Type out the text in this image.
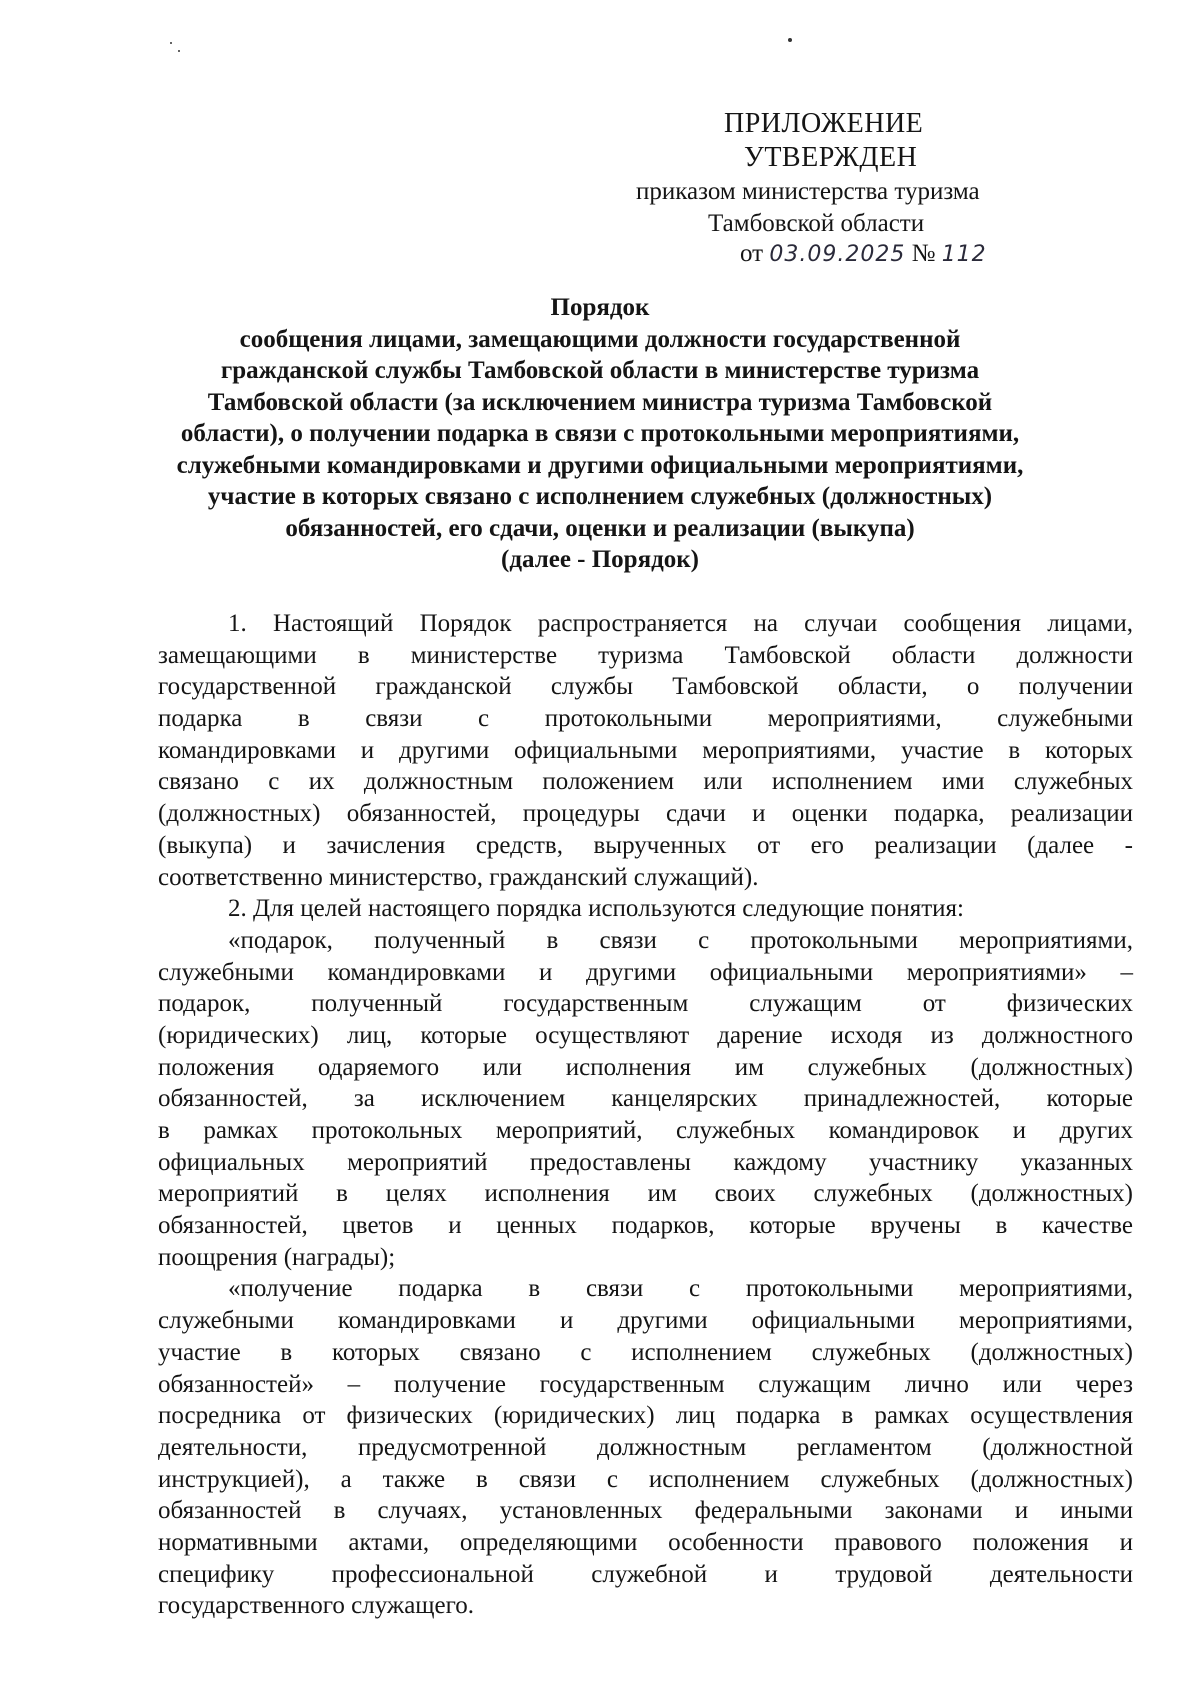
ПРИЛОЖЕНИЕ
УТВЕРЖДЕН
приказом министерства туризма
Тамбовской области
от 03.09.2025 № 112
Порядок
сообщения лицами, замещающими должности государственной
гражданской службы Тамбовской области в министерстве туризма
Тамбовской области (за исключением министра туризма Тамбовской
области), о получении подарка в связи с протокольными мероприятиями,
служебными командировками и другими официальными мероприятиями,
участие в которых связано с исполнением служебных (должностных)
обязанностей, его сдачи, оценки и реализации (выкупа)
(далее - Порядок)
1. Настоящий Порядок распространяется на случаи сообщения лицами,
замещающими в министерстве туризма Тамбовской области должности
государственной гражданской службы Тамбовской области, о получении
подарка в связи с протокольными мероприятиями, служебными
командировками и другими официальными мероприятиями, участие в которых
связано с их должностным положением или исполнением ими служебных
(должностных) обязанностей, процедуры сдачи и оценки подарка, реализации
(выкупа) и зачисления средств, вырученных от его реализации (далее -
соответственно министерство, гражданский служащий).
2. Для целей настоящего порядка используются следующие понятия:
«подарок, полученный в связи с протокольными мероприятиями,
служебными командировками и другими официальными мероприятиями» –
подарок, полученный государственным служащим от физических
(юридических) лиц, которые осуществляют дарение исходя из должностного
положения одаряемого или исполнения им служебных (должностных)
обязанностей, за исключением канцелярских принадлежностей, которые
в рамках протокольных мероприятий, служебных командировок и других
официальных мероприятий предоставлены каждому участнику указанных
мероприятий в целях исполнения им своих служебных (должностных)
обязанностей, цветов и ценных подарков, которые вручены в качестве
поощрения (награды);
«получение подарка в связи с протокольными мероприятиями,
служебными командировками и другими официальными мероприятиями,
участие в которых связано с исполнением служебных (должностных)
обязанностей» – получение государственным служащим лично или через
посредника от физических (юридических) лиц подарка в рамках осуществления
деятельности, предусмотренной должностным регламентом (должностной
инструкцией), а также в связи с исполнением служебных (должностных)
обязанностей в случаях, установленных федеральными законами и иными
нормативными актами, определяющими особенности правового положения и
специфику профессиональной служебной и трудовой деятельности
государственного служащего.
